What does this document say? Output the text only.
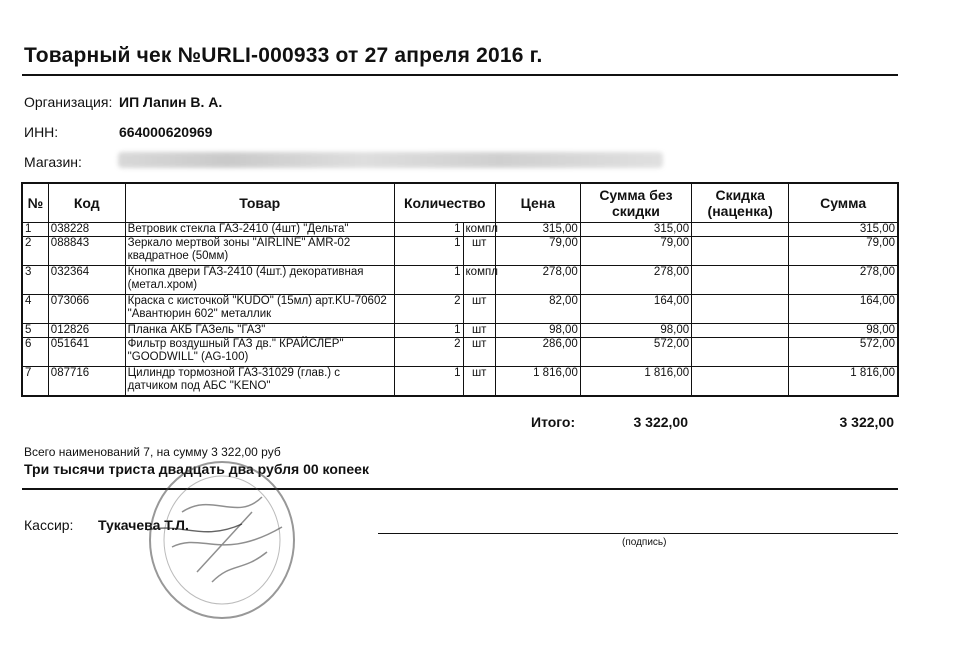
Товарный чек №URLI-000933 от 27 апреля 2016 г.
Организация: ИП Лапин В. А.
ИНН:	664000620969
Магазин:
№	Код	Товар	Количество		Цена	Сумма без скидки	Скидка (наценка)	Сумма
1	038228	Ветровик стекла ГАЗ-2410 (4шт) "Дельта"	1	компл	315,00	315,00		315,00
2	088843	Зеркало мертвой зоны "AIRLINE" AMR-02 квадратное (50мм)	1	шт	79,00	79,00		79,00
3	032364	Кнопка двери ГАЗ-2410 (4шт.) декоративная (метал.хром)	1	компл	278,00	278,00		278,00
4	073066	Краска с кисточкой "KUDO" (15мл) арт.KU-70602 "Авантюрин 602" металлик	2	шт	82,00	164,00		164,00
5	012826	Планка АКБ ГАЗель "ГАЗ"	1	шт	98,00	98,00		98,00
6	051641	Фильтр воздушный ГАЗ дв." КРАЙСЛЕР" "GOODWILL" (AG-100)	2	шт	286,00	572,00		572,00
7	087716	Цилиндр тормозной ГАЗ-31029 (глав.) с датчиком под АБС "KENO"	1	шт	1 816,00	1 816,00		1 816,00
Итого:	3 322,00	3 322,00
Всего наименований 7, на сумму 3 322,00 руб
Три тысячи триста двадцать два рубля 00 копеек
Кассир: Тукачева Т.Л.
(подпись)
